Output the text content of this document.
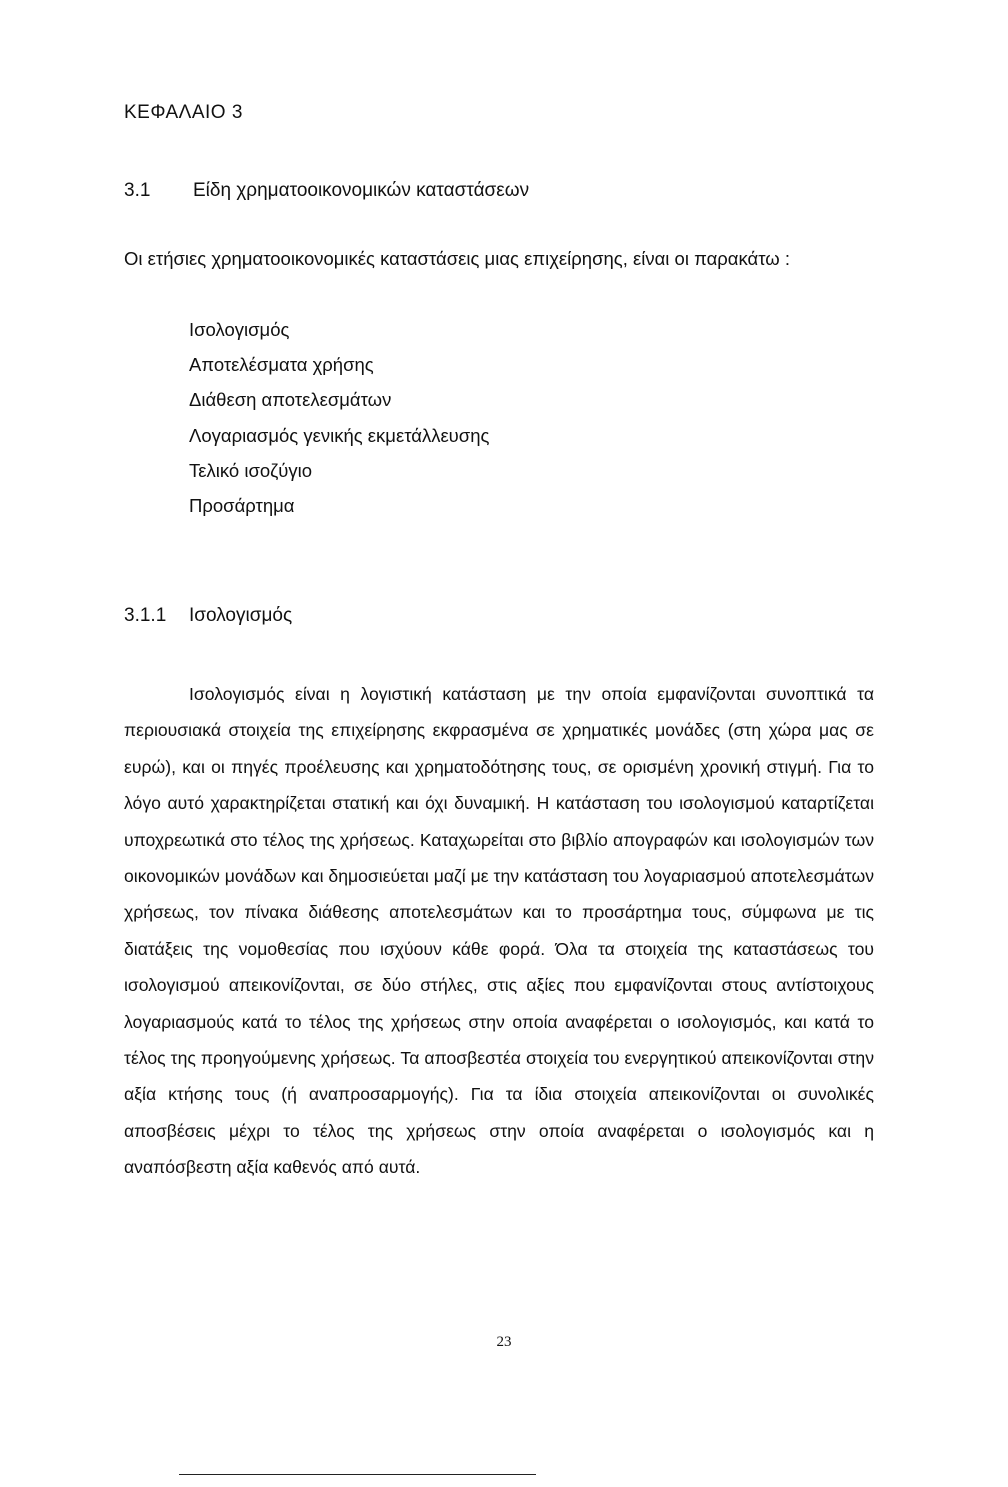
ΚΕΦΑΛΑΙΟ 3
3.1 Είδη χρηματοοικονομικών καταστάσεων

Οι ετήσιες χρηματοοικονομικές καταστάσεις μιας επιχείρησης, είναι οι παρακάτω :

Ισολογισμός
Αποτελέσματα χρήσης
Διάθεση αποτελεσμάτων
Λογαριασμός γενικής εκμετάλλευσης
Τελικό ισοζύγιο
Προσάρτημα
3.1.1 Ισολογισμός

Ισολογισμός είναι η λογιστική κατάσταση με την οποία εμφανίζονται συνοπτικά τα περιουσιακά στοιχεία της επιχείρησης εκφρασμένα σε χρηματικές μονάδες (στη χώρα μας σε ευρώ), και οι πηγές προέλευσης και χρηματοδότησης τους, σε ορισμένη χρονική στιγμή. Για το λόγο αυτό χαρακτηρίζεται στατική και όχι δυναμική. Η κατάσταση του ισολογισμού καταρτίζεται υποχρεωτικά στο τέλος της χρήσεως. Καταχωρείται στο βιβλίο απογραφών και ισολογισμών των οικονομικών μονάδων και δημοσιεύεται μαζί με την κατάσταση του λογαριασμού αποτελεσμάτων χρήσεως, τον πίνακα διάθεσης αποτελεσμάτων και το προσάρτημα τους, σύμφωνα με τις διατάξεις της νομοθεσίας που ισχύουν κάθε φορά. Όλα τα στοιχεία της καταστάσεως του ισολογισμού απεικονίζονται, σε δύο στήλες, στις αξίες που εμφανίζονται στους αντίστοιχους λογαριασμούς κατά το τέλος της χρήσεως στην οποία αναφέρεται ο ισολογισμός, και κατά το τέλος της προηγούμενης χρήσεως. Τα αποσβεστέα στοιχεία του ενεργητικού απεικονίζονται στην αξία κτήσης τους (ή αναπροσαρμογής). Για τα ίδια στοιχεία απεικονίζονται οι συνολικές αποσβέσεις μέχρι το τέλος της χρήσεως στην οποία αναφέρεται ο ισολογισμός και η αναπόσβεστη αξία καθενός από αυτά.

23
